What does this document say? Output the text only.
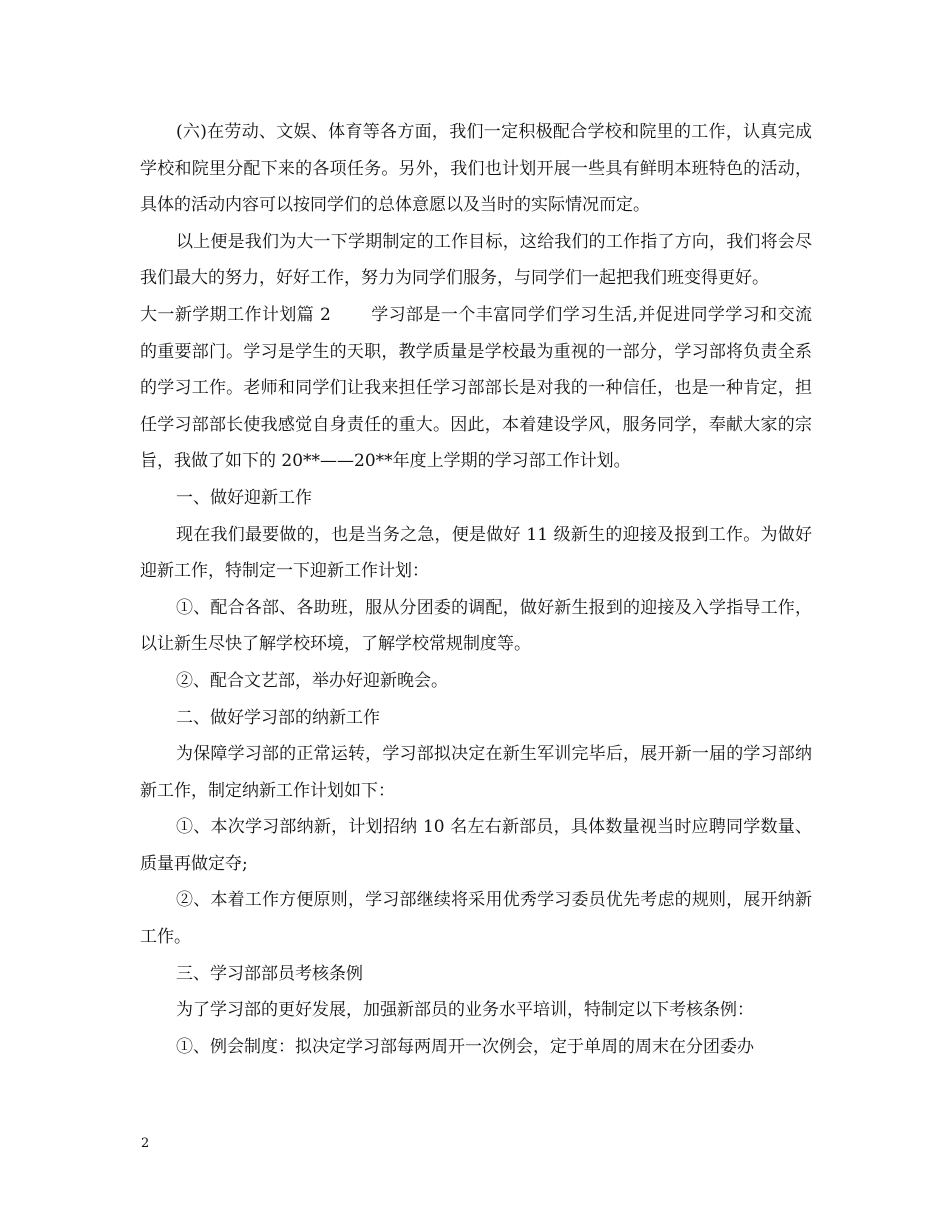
(六)在劳动、文娱、体育等各方面，我们一定积极配合学校和院里的工作，认真完成学校和院里分配下来的各项任务。另外，我们也计划开展一些具有鲜明本班特色的活动，具体的活动内容可以按同学们的总体意愿以及当时的实际情况而定。

以上便是我们为大一下学期制定的工作目标，这给我们的工作指了方向，我们将会尽我们最大的努力，好好工作，努力为同学们服务，与同学们一起把我们班变得更好。

大一新学期工作计划篇 2 学习部是一个丰富同学们学习生活,并促进同学学习和交流的重要部门。学习是学生的天职，教学质量是学校最为重视的一部分，学习部将负责全系的学习工作。老师和同学们让我来担任学习部部长是对我的一种信任，也是一种肯定，担任学习部部长使我感觉自身责任的重大。因此，本着建设学风，服务同学，奉献大家的宗旨，我做了如下的 20**——20**年度上学期的学习部工作计划。

一、做好迎新工作

现在我们最要做的，也是当务之急，便是做好 11 级新生的迎接及报到工作。为做好迎新工作，特制定一下迎新工作计划：

①、配合各部、各助班，服从分团委的调配，做好新生报到的迎接及入学指导工作，以让新生尽快了解学校环境，了解学校常规制度等。

②、配合文艺部，举办好迎新晚会。

二、做好学习部的纳新工作

为保障学习部的正常运转，学习部拟决定在新生军训完毕后，展开新一届的学习部纳新工作，制定纳新工作计划如下：

①、本次学习部纳新，计划招纳 10 名左右新部员，具体数量视当时应聘同学数量、质量再做定夺;

②、本着工作方便原则，学习部继续将采用优秀学习委员优先考虑的规则，展开纳新工作。

三、学习部部员考核条例

为了学习部的更好发展，加强新部员的业务水平培训，特制定以下考核条例：

①、例会制度：拟决定学习部每两周开一次例会，定于单周的周末在分团委办

2
